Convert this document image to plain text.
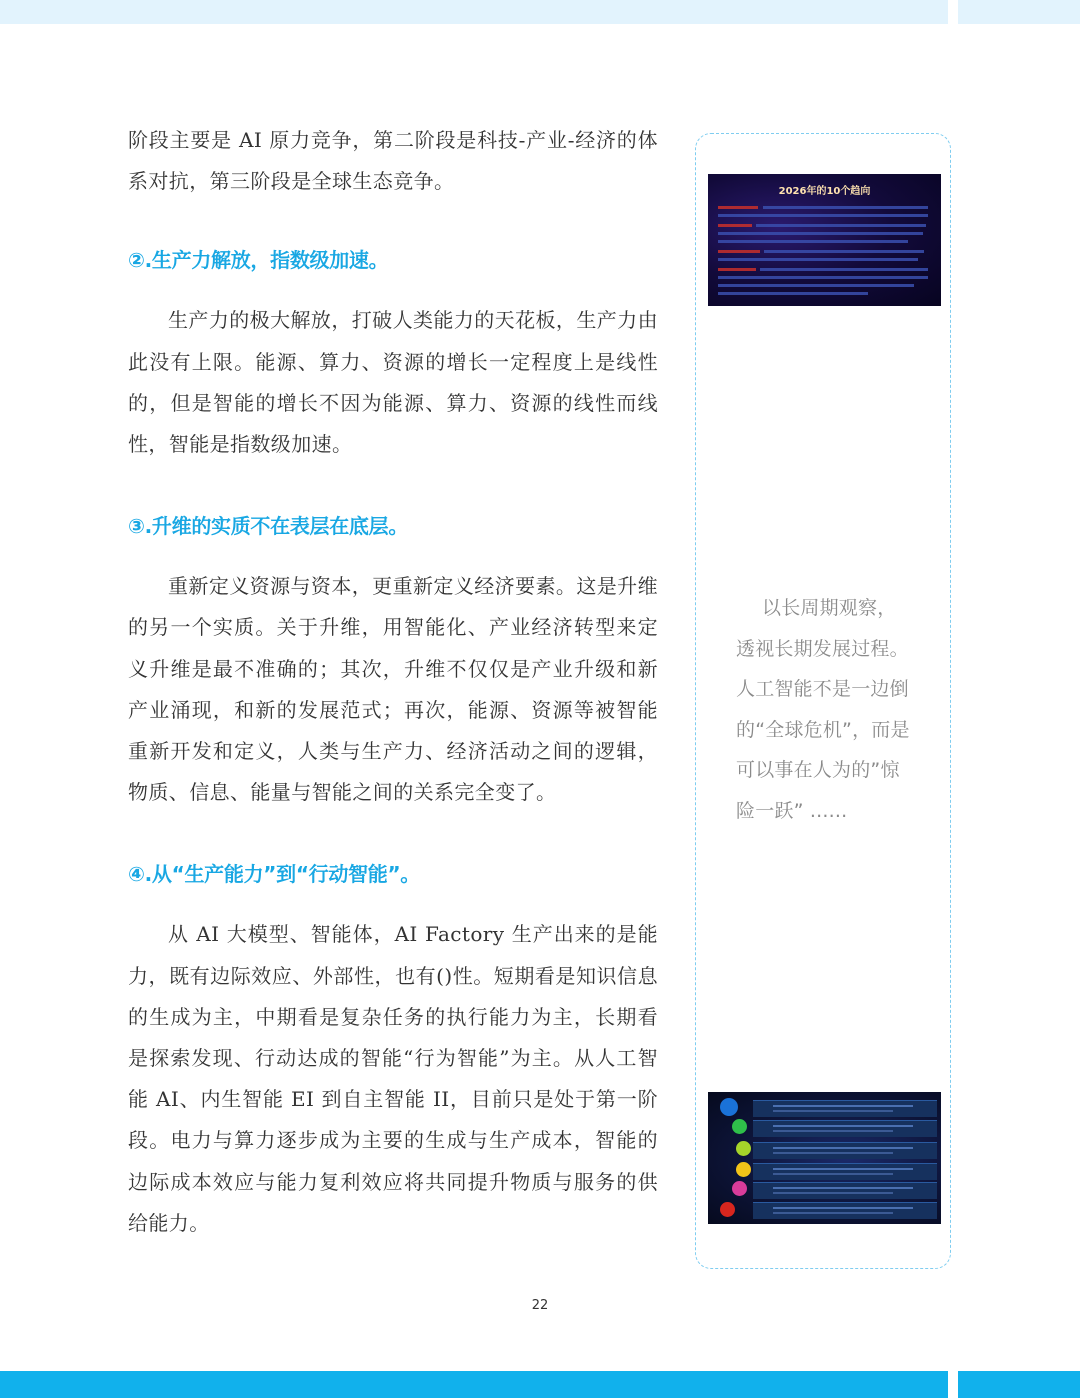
阶段主要是 AI 原力竞争，第二阶段是科技-产业-经济的体系对抗，第三阶段是全球生态竞争。

②.生产力解放，指数级加速。

生产力的极大解放，打破人类能力的天花板，生产力由此没有上限。能源、算力、资源的增长一定程度上是线性的，但是智能的增长不因为能源、算力、资源的线性而线性，智能是指数级加速。

③.升维的实质不在表层在底层。

重新定义资源与资本，更重新定义经济要素。这是升维的另一个实质。关于升维，用智能化、产业经济转型来定义升维是最不准确的；其次，升维不仅仅是产业升级和新产业涌现，和新的发展范式；再次，能源、资源等被智能重新开发和定义，人类与生产力、经济活动之间的逻辑，物质、信息、能量与智能之间的关系完全变了。

④.从“生产能力”到“行动智能”。

从 AI 大模型、智能体，AI Factory 生产出来的是能力，既有边际效应、外部性，也有()性。短期看是知识信息的生成为主，中期看是复杂任务的执行能力为主，长期看是探索发现、行动达成的智能“行为智能”为主。从人工智能 AI、内生智能 EI 到自主智能 II，目前只是处于第一阶段。电力与算力逐步成为主要的生成与生产成本，智能的边际成本效应与能力复利效应将共同提升物质与服务的供给能力。

2026年的10个趋向

以长周期观察，

透视长期发展过程。

人工智能不是一边倒

的“全球危机”，而是

可以事在人为的”惊

险一跃” ......

22
